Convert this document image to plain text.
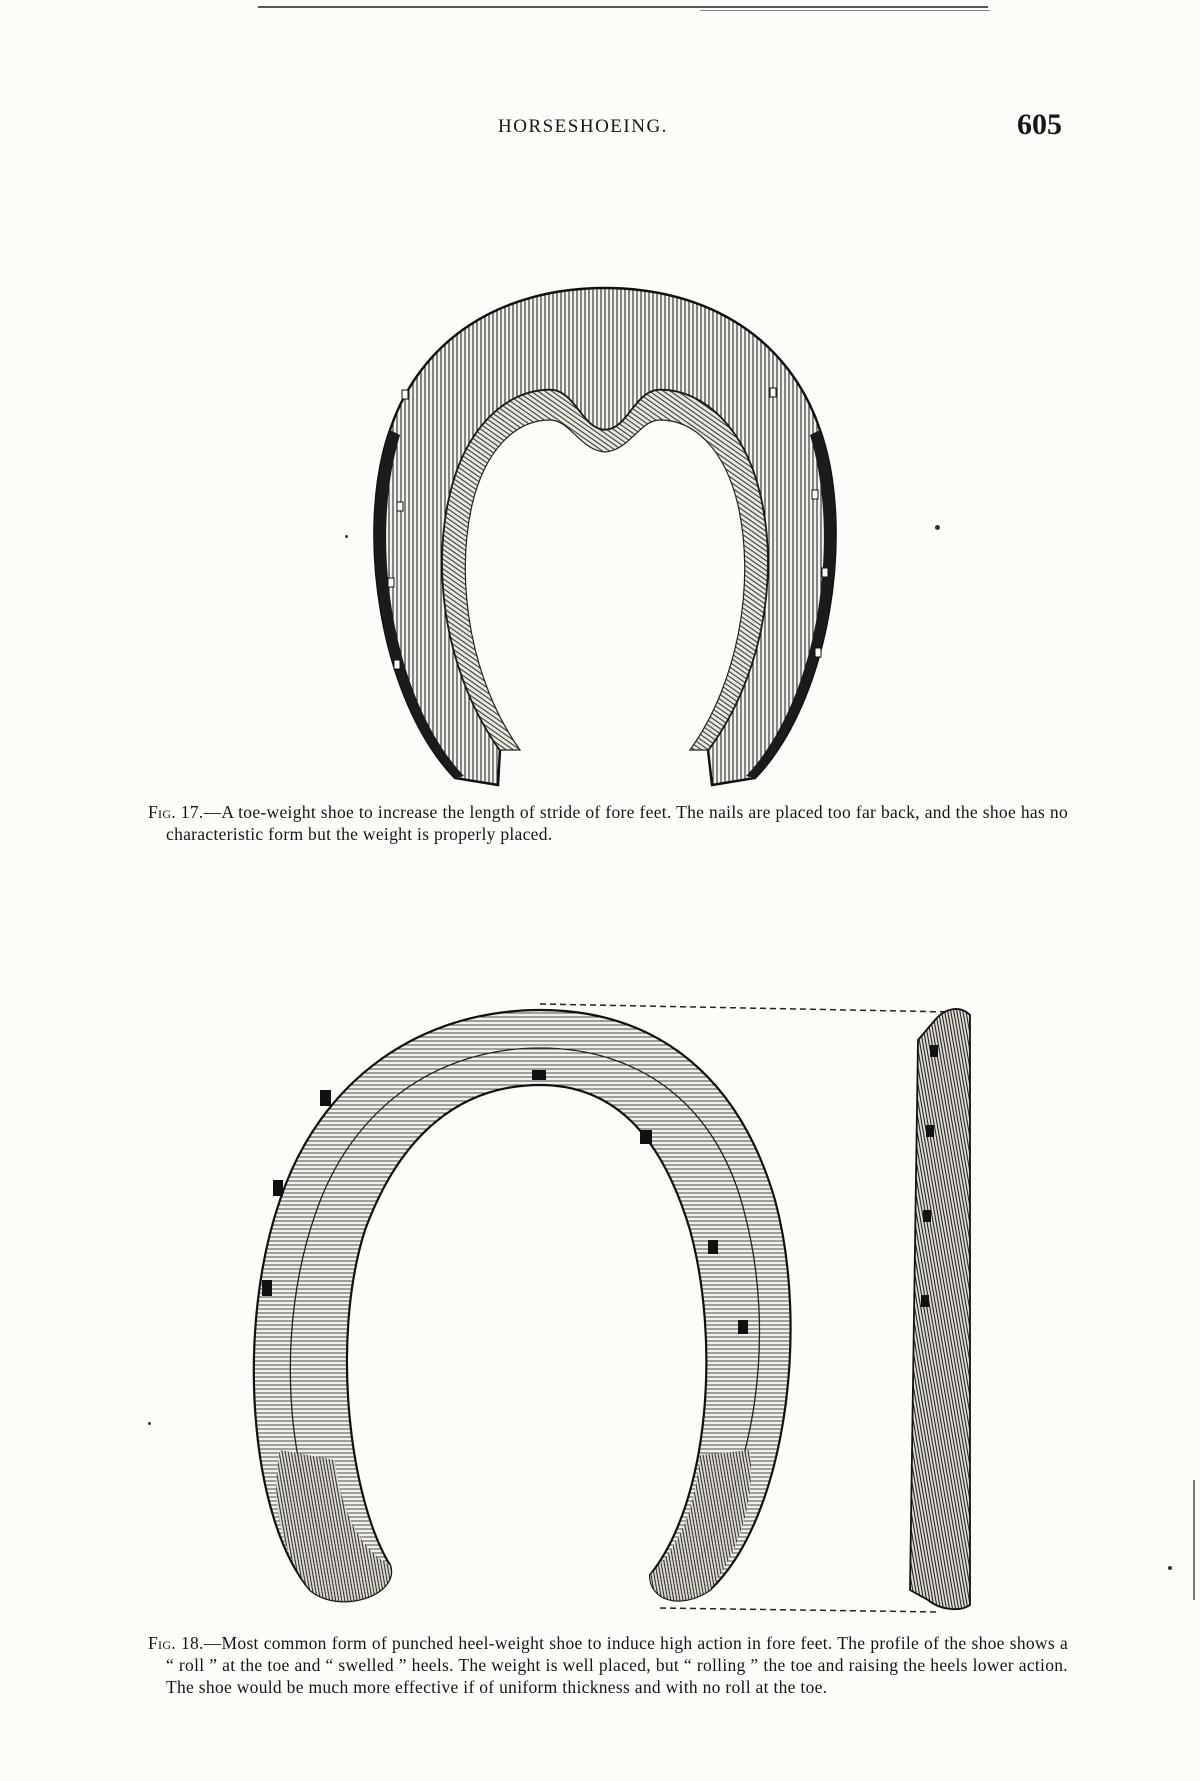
HORSESHOEING.	605
Fig. 17.—A toe-weight shoe to increase the length of stride of fore feet. The nails are placed too far back, and the shoe has no characteristic form but the weight is properly placed.
Fig. 18.—Most common form of punched heel-weight shoe to induce high action in fore feet. The profile of the shoe shows a “ roll ” at the toe and “ swelled ” heels. The weight is well placed, but “ rolling ” the toe and raising the heels lower action. The shoe would be much more effective if of uniform thickness and with no roll at the toe.
